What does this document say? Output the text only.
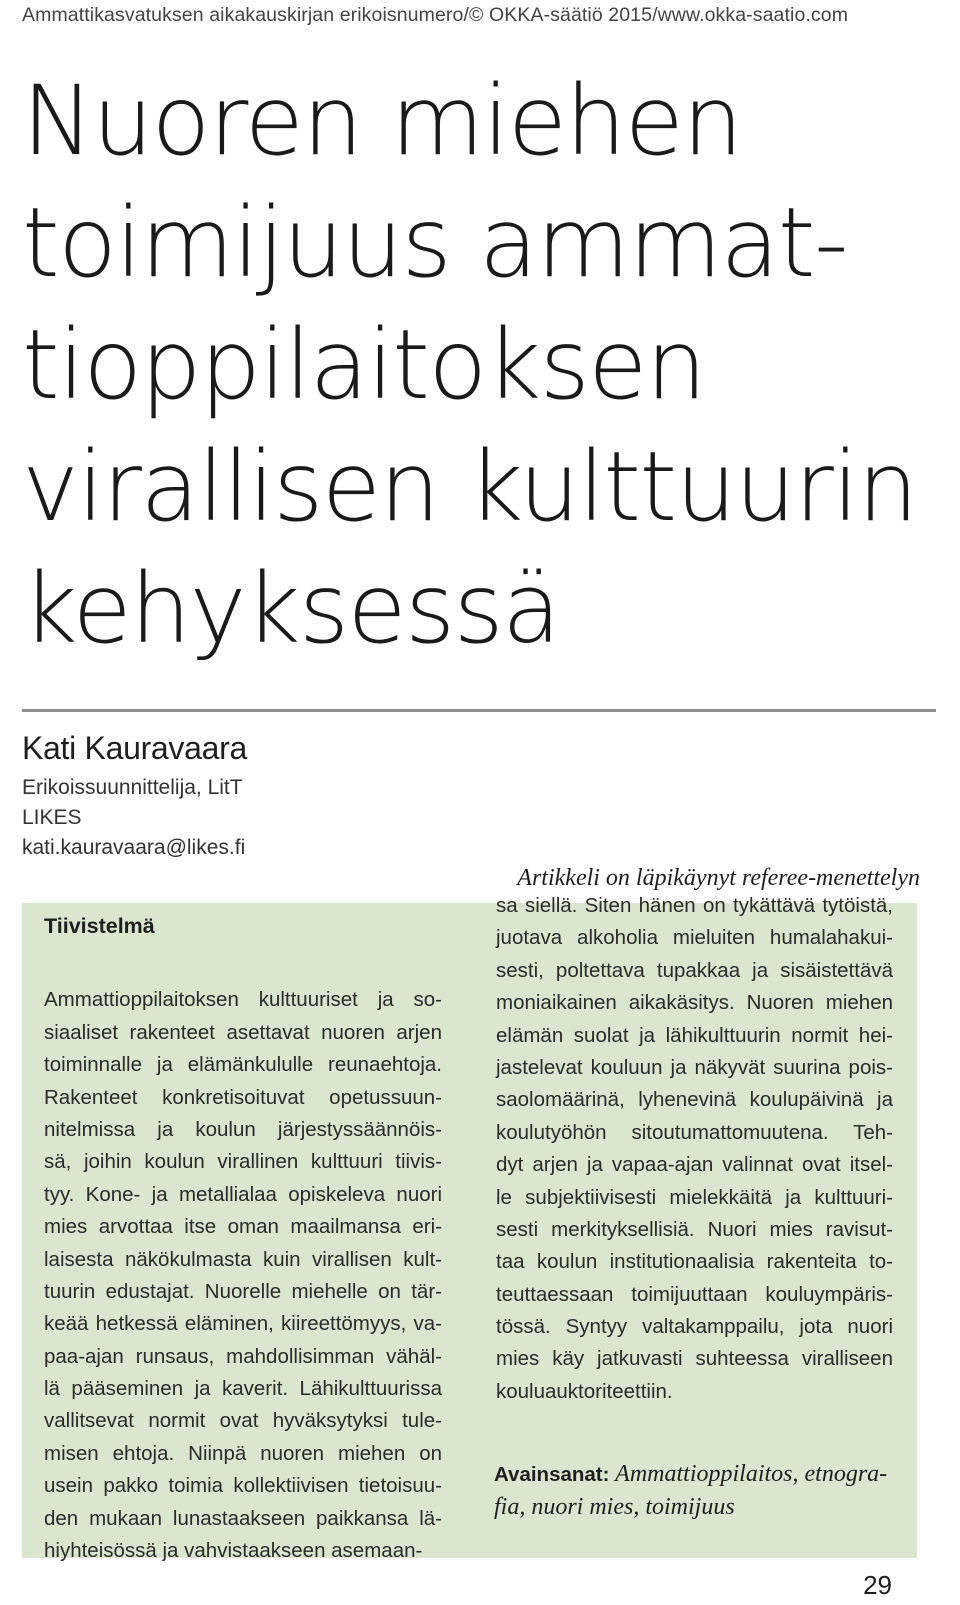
Ammattikasvatuksen aikakauskirjan erikoisnumero/© OKKA-säätiö 2015/www.okka-saatio.com
Nuoren miehen
toimijuus ammat-
tioppilaitoksen
virallisen kulttuurin
kehyksessä
Kati Kauravaara
Erikoissuunnittelija, LitT
LIKES
kati.kauravaara@likes.fi
Artikkeli on läpikäynyt referee-menettelyn
Tiivistelmä
Ammattioppilaitoksen kulttuuriset ja so-
siaaliset rakenteet asettavat nuoren arjen
toiminnalle ja elämänkululle reunaehtoja.
Rakenteet konkretisoituvat opetussuun-
nitelmissa ja koulun järjestyssäännöis-
sä, joihin koulun virallinen kulttuuri tiivis-
tyy. Kone- ja metallialaa opiskeleva nuori
mies arvottaa itse oman maailmansa eri-
laisesta näkökulmasta kuin virallisen kult-
tuurin edustajat. Nuorelle miehelle on tär-
keää hetkessä eläminen, kiireettömyys, va-
paa-ajan runsaus, mahdollisimman vähäl-
lä pääseminen ja kaverit. Lähikulttuurissa
vallitsevat normit ovat hyväksytyksi tule-
misen ehtoja. Niinpä nuoren miehen on
usein pakko toimia kollektiivisen tietoisuu-
den mukaan lunastaakseen paikkansa lä-
hiyhteisössä ja vahvistaakseen asemaan-
sa siellä. Siten hänen on tykättävä tytöistä,
juotava alkoholia mieluiten humalahakui-
sesti, poltettava tupakkaa ja sisäistettävä
moniaikainen aikakäsitys. Nuoren miehen
elämän suolat ja lähikulttuurin normit hei-
jastelevat kouluun ja näkyvät suurina pois-
saolomäärinä, lyhenevinä koulupäivinä ja
koulutyöhön sitoutumattomuutena. Teh-
dyt arjen ja vapaa-ajan valinnat ovat itsel-
le subjektiivisesti mielekkäitä ja kulttuuri-
sesti merkityksellisiä. Nuori mies ravisut-
taa koulun institutionaalisia rakenteita to-
teuttaessaan toimijuuttaan kouluympäris-
tössä. Syntyy valtakamppailu, jota nuori
mies käy jatkuvasti suhteessa viralliseen
kouluauktoriteettiin.

Avainsanat: Ammattioppilaitos, etnogra-fia, nuori mies, toimijuus

29
